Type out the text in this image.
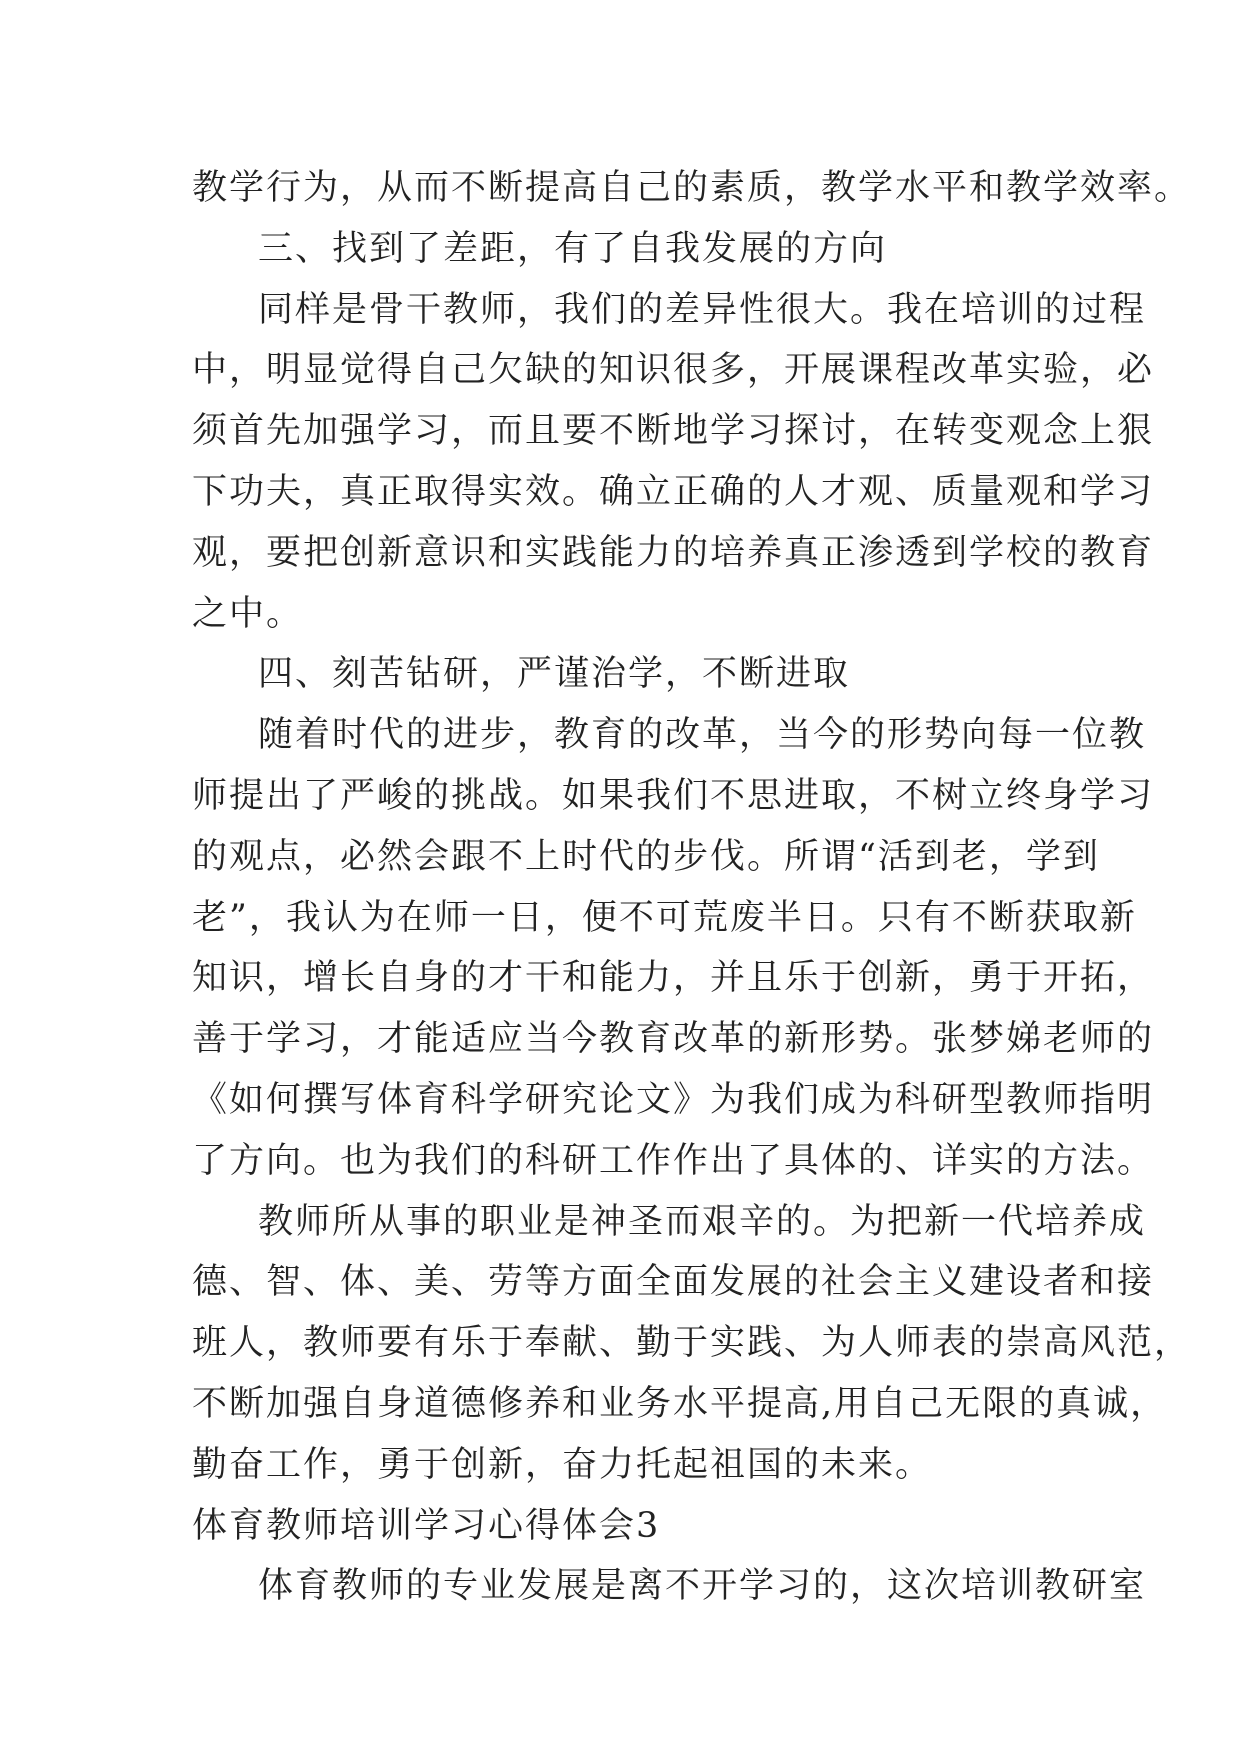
教学行为，从而不断提高自己的素质，教学水平和教学效率。
三、找到了差距，有了自我发展的方向
同样是骨干教师，我们的差异性很大。我在培训的过程
中，明显觉得自己欠缺的知识很多，开展课程改革实验，必
须首先加强学习，而且要不断地学习探讨，在转变观念上狠
下功夫，真正取得实效。确立正确的人才观、质量观和学习
观，要把创新意识和实践能力的培养真正渗透到学校的教育
之中。
四、刻苦钻研，严谨治学，不断进取
随着时代的进步，教育的改革，当今的形势向每一位教
师提出了严峻的挑战。如果我们不思进取，不树立终身学习
的观点，必然会跟不上时代的步伐。所谓“活到老，学到
老”，我认为在师一日，便不可荒废半日。只有不断获取新
知识，增长自身的才干和能力，并且乐于创新，勇于开拓，
善于学习，才能适应当今教育改革的新形势。张梦娣老师的
《如何撰写体育科学研究论文》为我们成为科研型教师指明
了方向。也为我们的科研工作作出了具体的、详实的方法。
教师所从事的职业是神圣而艰辛的。为把新一代培养成
德、智、体、美、劳等方面全面发展的社会主义建设者和接
班人，教师要有乐于奉献、勤于实践、为人师表的崇高风范，
不断加强自身道德修养和业务水平提高,用自己无限的真诚，
勤奋工作，勇于创新，奋力托起祖国的未来。
体育教师培训学习心得体会3
体育教师的专业发展是离不开学习的，这次培训教研室
